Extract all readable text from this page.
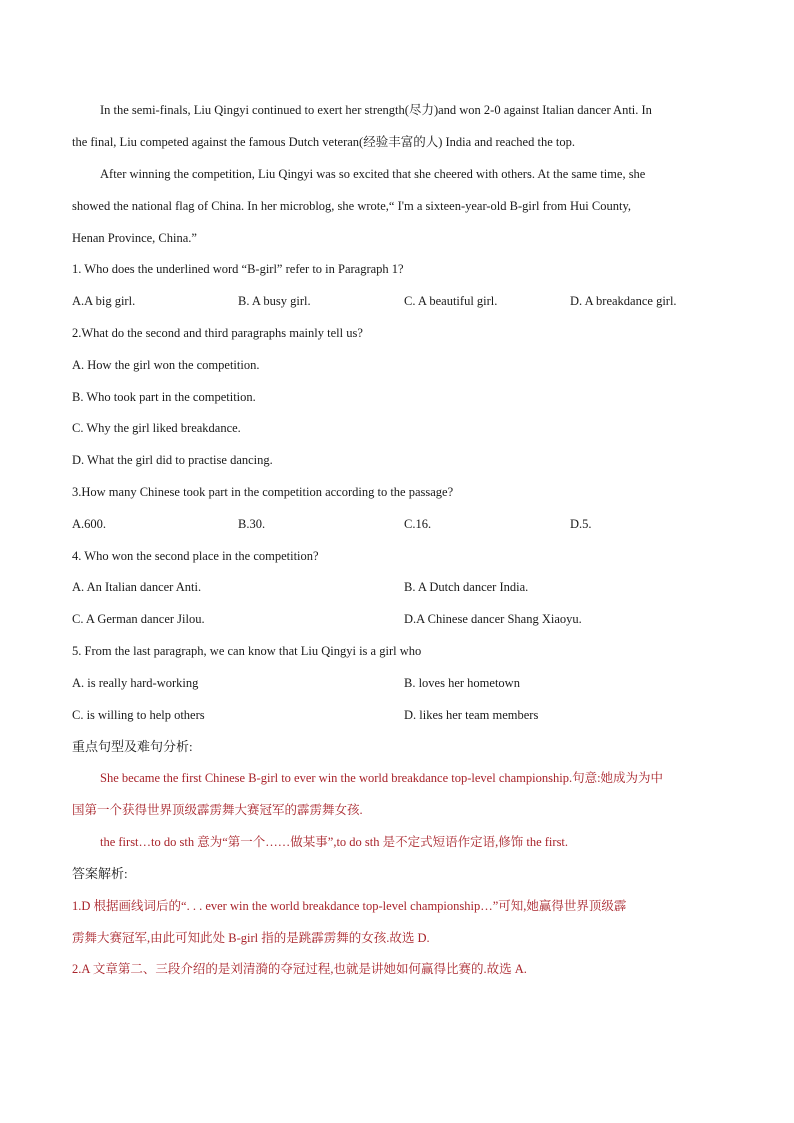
In the semi-finals, Liu Qingyi continued to exert her strength(尽力)and won 2-0 against Italian dancer Anti. In
the final, Liu competed against the famous Dutch veteran(经验丰富的人) India and reached the top.
After winning the competition, Liu Qingyi was so excited that she cheered with others. At the same time, she
showed the national flag of China. In her microblog, she wrote,“ I'm a sixteen-year-old B-girl from Hui County,
Henan Province, China.”
1. Who does the underlined word “B-girl” refer to in Paragraph 1?
A.A big girl.	B. A busy girl.	C. A beautiful girl.	D. A breakdance girl.
2.What do the second and third paragraphs mainly tell us?
A. How the girl won the competition.
B. Who took part in the competition.
C. Why the girl liked breakdance.
D. What the girl did to practise dancing.
3.How many Chinese took part in the competition according to the passage?
A.600.	B.30.	C.16.	D.5.
4. Who won the second place in the competition?
A. An Italian dancer Anti.	B. A Dutch dancer India.
C. A German dancer Jilou.	D.A Chinese dancer Shang Xiaoyu.
5. From the last paragraph, we can know that Liu Qingyi is a girl who
A. is really hard-working	B. loves her hometown
C. is willing to help others	D. likes her team members
重点句型及难句分析:
She became the first Chinese B-girl to ever win the world breakdance top-level championship.句意:她成为为中
国第一个获得世界顶级霹雳舞大赛冠军的霹雳舞女孩.
the first…to do sth 意为“第一个……做某事”,to do sth 是不定式短语作定语,修饰 the first.
答案解析:
1.D 根据画线词后的“. . . ever win the world breakdance top-level championship…”可知,她赢得世界顶级霹
雳舞大赛冠军,由此可知此处 B-girl 指的是跳霹雳舞的女孩.故选 D.
2.A 文章第二、三段介绍的是刘清漪的夺冠过程,也就是讲她如何赢得比赛的.故选 A.
